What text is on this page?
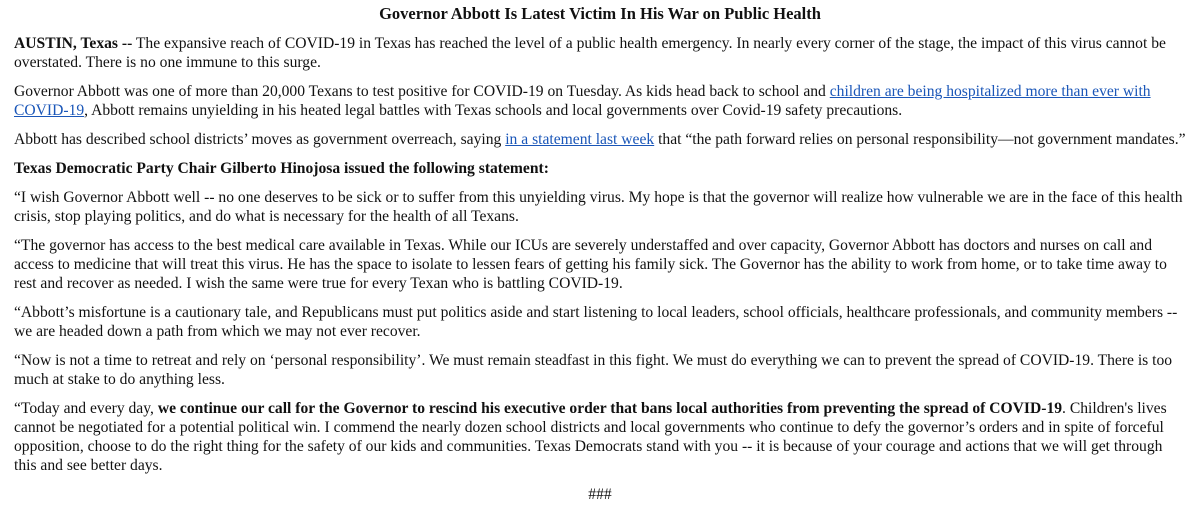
Governor Abbott Is Latest Victim In His War on Public Health

AUSTIN, Texas -- The expansive reach of COVID-19 in Texas has reached the level of a public health emergency. In nearly every corner of the stage, the impact of this virus cannot be overstated. There is no one immune to this surge.

Governor Abbott was one of more than 20,000 Texans to test positive for COVID-19 on Tuesday. As kids head back to school and children are being hospitalized more than ever with COVID-19, Abbott remains unyielding in his heated legal battles with Texas schools and local governments over Covid-19 safety precautions.

Abbott has described school districts’ moves as government overreach, saying in a statement last week that “the path forward relies on personal responsibility—not government mandates.”

Texas Democratic Party Chair Gilberto Hinojosa issued the following statement:

“I wish Governor Abbott well -- no one deserves to be sick or to suffer from this unyielding virus. My hope is that the governor will realize how vulnerable we are in the face of this health crisis, stop playing politics, and do what is necessary for the health of all Texans.

“The governor has access to the best medical care available in Texas. While our ICUs are severely understaffed and over capacity, Governor Abbott has doctors and nurses on call and access to medicine that will treat this virus. He has the space to isolate to lessen fears of getting his family sick. The Governor has the ability to work from home, or to take time away to rest and recover as needed. I wish the same were true for every Texan who is battling COVID-19.

“Abbott’s misfortune is a cautionary tale, and Republicans must put politics aside and start listening to local leaders, school officials, healthcare professionals, and community members -- we are headed down a path from which we may not ever recover.

“Now is not a time to retreat and rely on ‘personal responsibility’. We must remain steadfast in this fight. We must do everything we can to prevent the spread of COVID-19. There is too much at stake to do anything less.

“Today and every day, we continue our call for the Governor to rescind his executive order that bans local authorities from preventing the spread of COVID-19. Children's lives cannot be negotiated for a potential political win. I commend the nearly dozen school districts and local governments who continue to defy the governor’s orders and in spite of forceful opposition, choose to do the right thing for the safety of our kids and communities. Texas Democrats stand with you -- it is because of your courage and actions that we will get through this and see better days.

###
